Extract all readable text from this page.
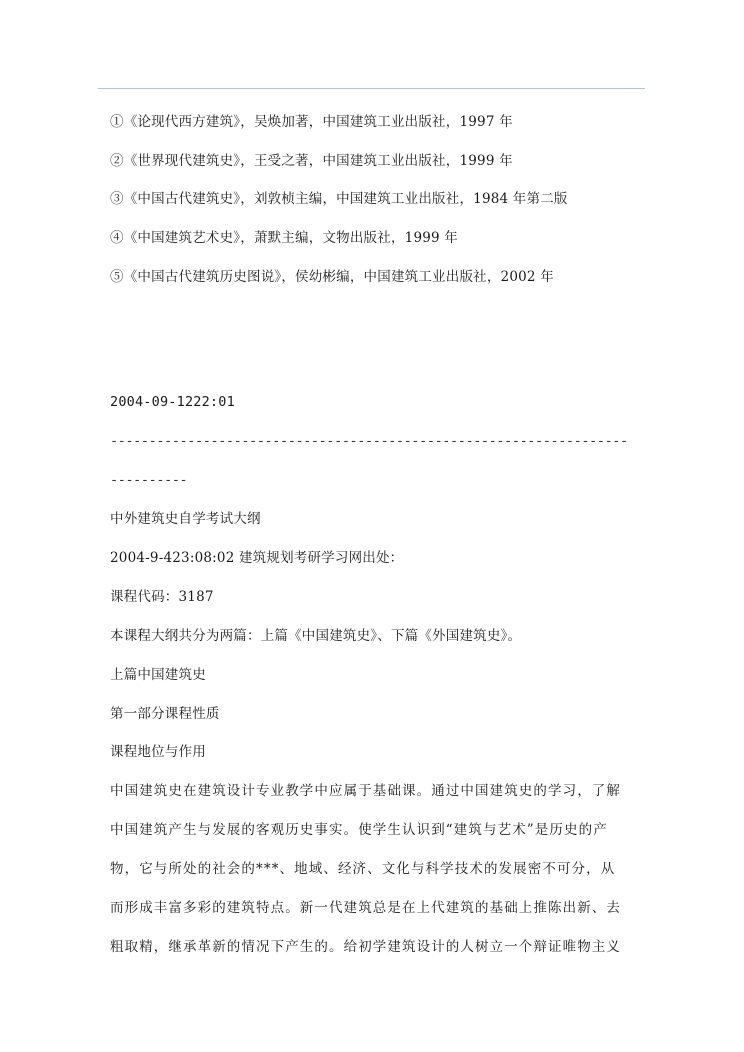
①《论现代西方建筑》，吴焕加著，中国建筑工业出版社，1997 年
②《世界现代建筑史》，王受之著，中国建筑工业出版社，1999 年
③《中国古代建筑史》，刘敦桢主编，中国建筑工业出版社，1984 年第二版
④《中国建筑艺术史》，萧默主编，文物出版社，1999 年
⑤《中国古代建筑历史图说》，侯幼彬编，中国建筑工业出版社，2002 年
2004-09-1222:01
-------------------------------------------------------------------
----------
中外建筑史自学考试大纲
2004-9-423:08:02 建筑规划考研学习网出处：
课程代码：3187
本课程大纲共分为两篇：上篇《中国建筑史》、下篇《外国建筑史》。
上篇中国建筑史
第一部分课程性质
课程地位与作用
中国建筑史在建筑设计专业教学中应属于基础课。通过中国建筑史的学习，了解
中国建筑产生与发展的客观历史事实。使学生认识到“建筑与艺术”是历史的产
物，它与所处的社会的***、地域、经济、文化与科学技术的发展密不可分，从
而形成丰富多彩的建筑特点。新一代建筑总是在上代建筑的基础上推陈出新、去
粗取精，继承革新的情况下产生的。给初学建筑设计的人树立一个辩证唯物主义
